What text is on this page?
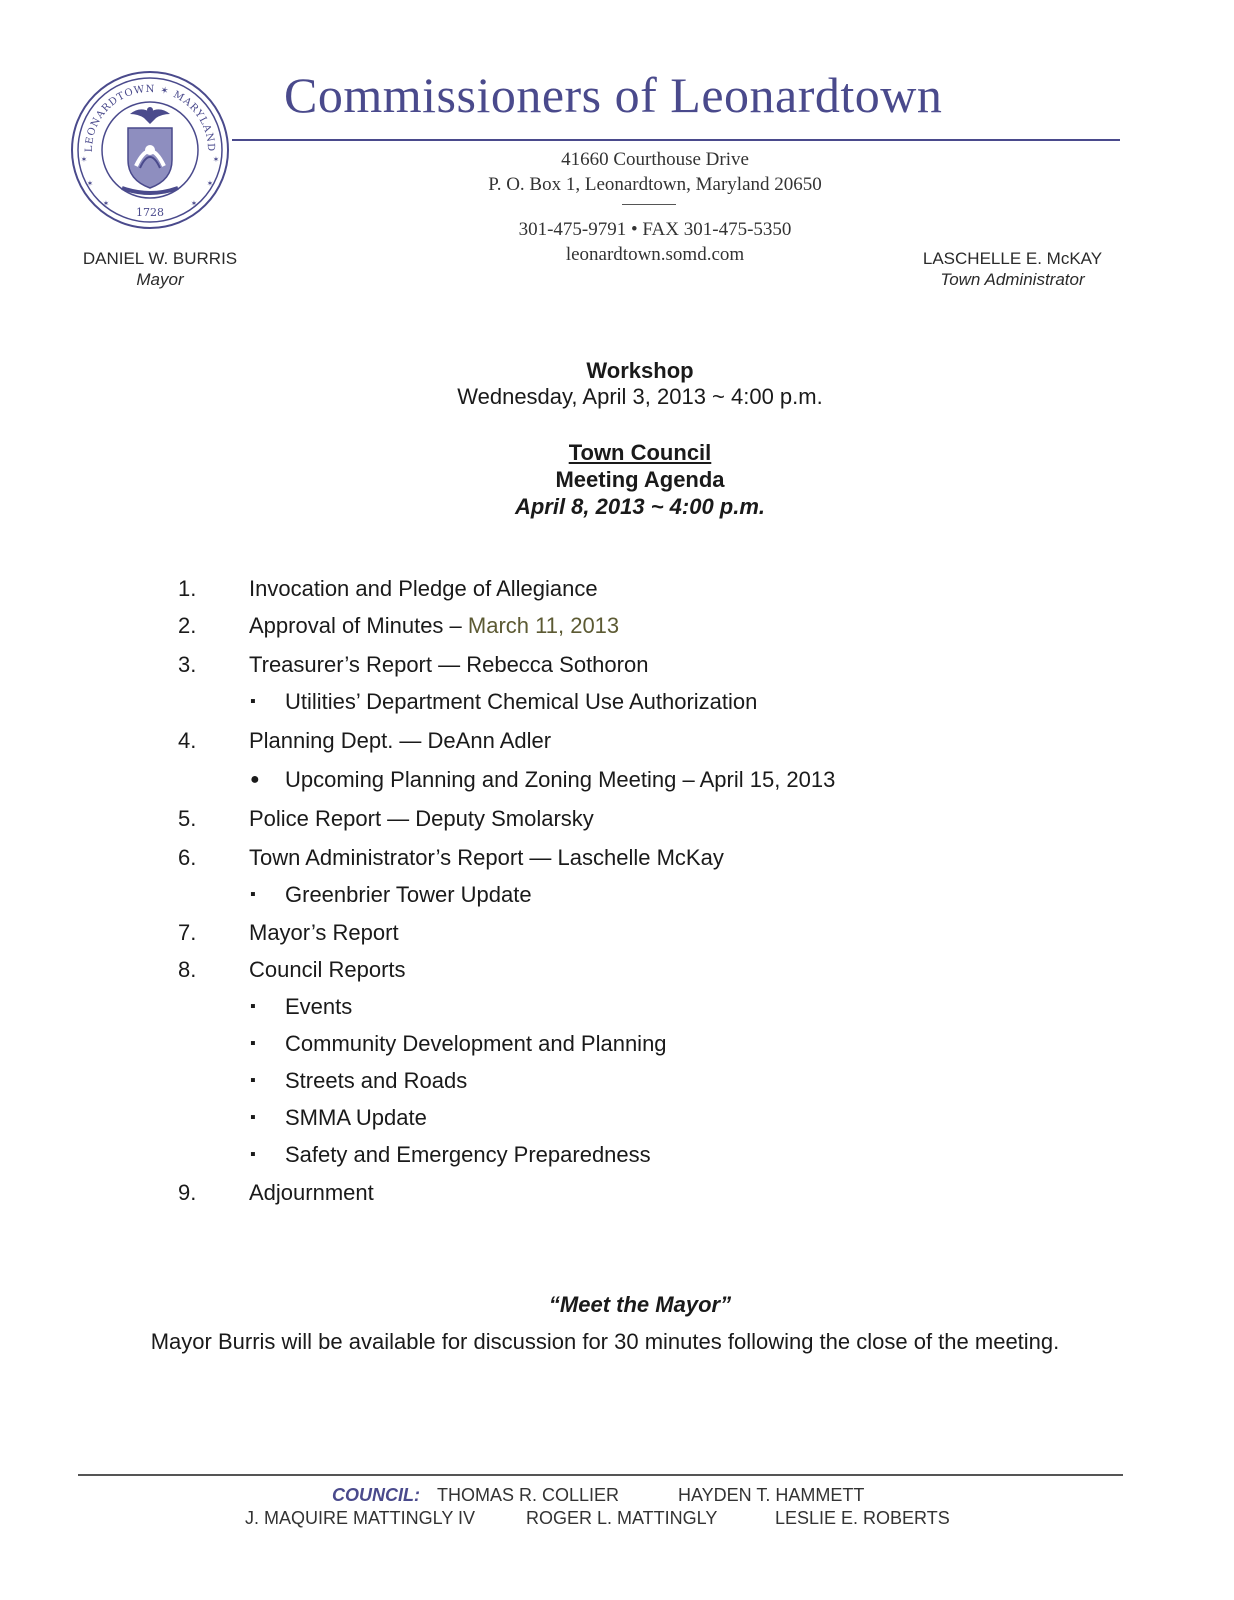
LEONARDTOWN ✶ MARYLAND
1728
✶
✶
✶
✶
✶
✶
Commissioners of Leonardtown
41660 Courthouse Drive
P. O. Box 1, Leonardtown, Maryland 20650
301-475-9791 • FAX 301-475-5350
leonardtown.somd.com
DANIEL W. BURRIS
Mayor
LASCHELLE E. McKAY
Town Administrator
Workshop
Wednesday, April 3, 2013 ~ 4:00 p.m.
Town Council
Meeting Agenda
April 8, 2013 ~ 4:00 p.m.
1. Invocation and Pledge of Allegiance
2. Approval of Minutes – March 11, 2013
3. Treasurer’s Report — Rebecca Sothoron
▪ Utilities’ Department Chemical Use Authorization
4. Planning Dept. — DeAnn Adler
● Upcoming Planning and Zoning Meeting – April 15, 2013
5. Police Report — Deputy Smolarsky
6. Town Administrator’s Report — Laschelle McKay
▪ Greenbrier Tower Update
7. Mayor’s Report
8. Council Reports
▪ Events
▪ Community Development and Planning
▪ Streets and Roads
▪ SMMA Update
▪ Safety and Emergency Preparedness
9. Adjournment
“Meet the Mayor”
Mayor Burris will be available for discussion for 30 minutes following the close of the meeting.
COUNCIL: THOMAS R. COLLIER	HAYDEN T. HAMMETT
J. MAQUIRE MATTINGLY IV	ROGER L. MATTINGLY	LESLIE E. ROBERTS
